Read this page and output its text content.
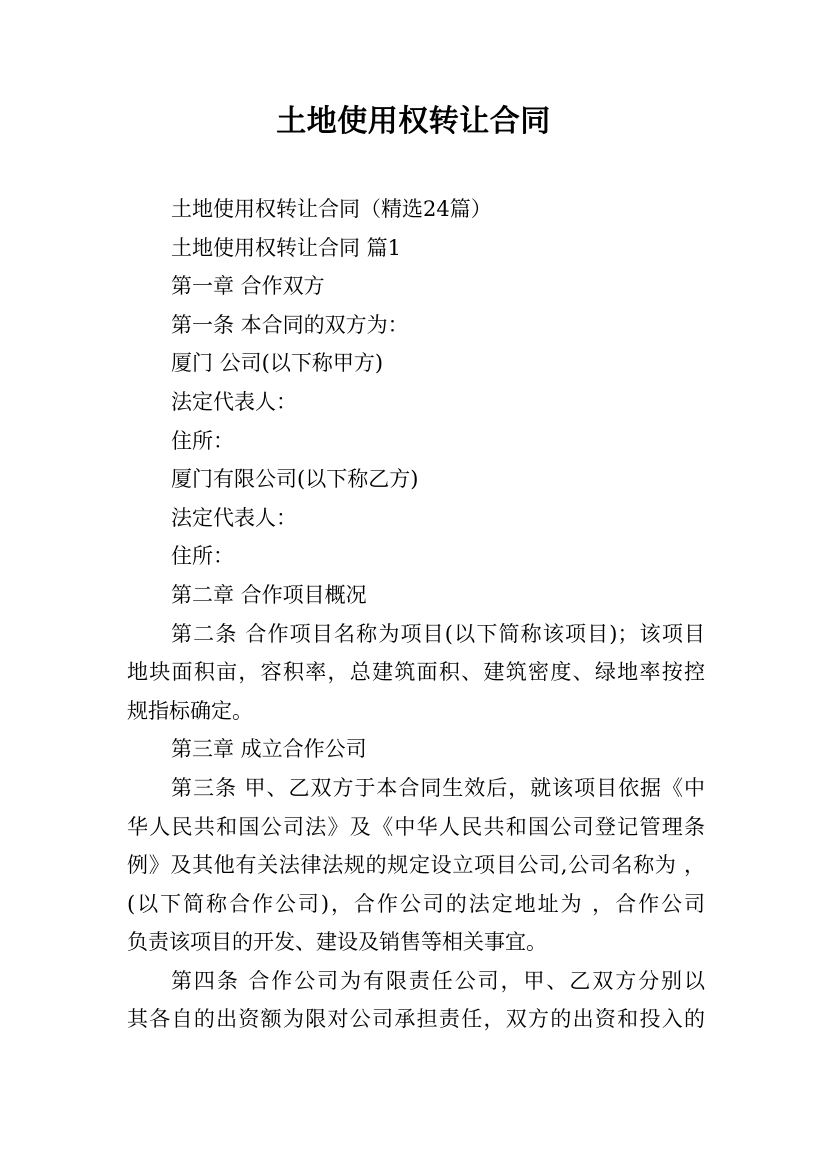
土地使用权转让合同
土地使用权转让合同（精选24篇）
土地使用权转让合同 篇1
第一章 合作双方
第一条 本合同的双方为：
厦门 公司(以下称甲方)
法定代表人：
住所：
厦门有限公司(以下称乙方)
法定代表人：
住所：
第二章 合作项目概况
第二条 合作项目名称为项目(以下简称该项目)；该项目
地块面积亩，容积率，总建筑面积、建筑密度、绿地率按控
规指标确定。
第三章 成立合作公司
第三条 甲、乙双方于本合同生效后，就该项目依据《中
华人民共和国公司法》及《中华人民共和国公司登记管理条
例》及其他有关法律法规的规定设立项目公司,公司名称为 ，
(以下简称合作公司)，合作公司的法定地址为 ，合作公司
负责该项目的开发、建设及销售等相关事宜。
第四条 合作公司为有限责任公司，甲、乙双方分别以
其各自的出资额为限对公司承担责任，双方的出资和投入的
